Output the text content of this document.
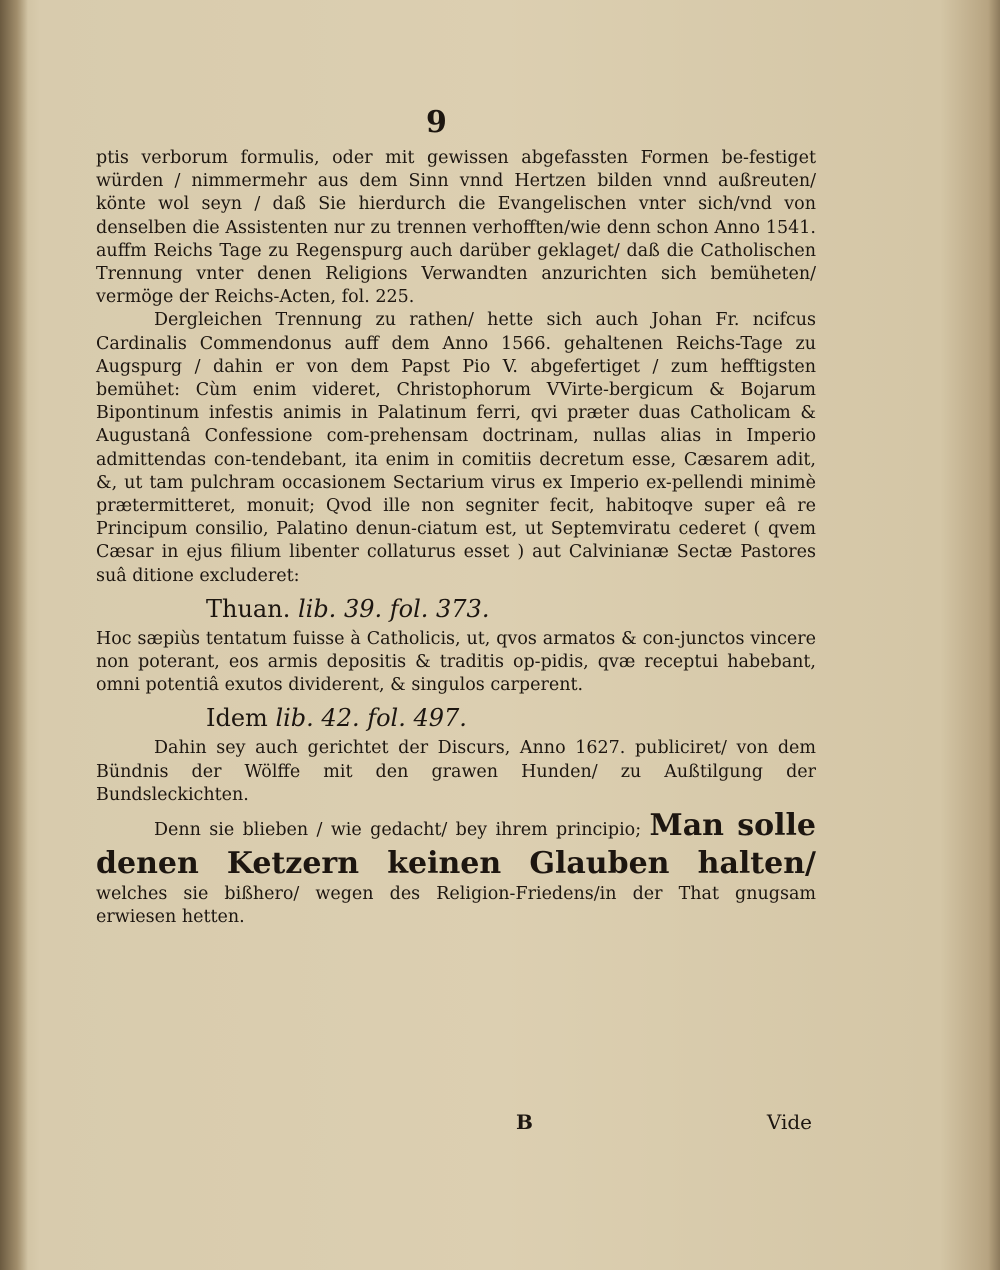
9

ptis verborum formulis, oder mit gewissen abgefassten Formen be-festiget würden / nimmermehr aus dem Sinn vnnd Hertzen bilden vnnd außreuten/ könte wol seyn / daß Sie hierdurch die Evangelischen vnter sich/vnd von denselben die Assistenten nur zu trennen verhofften/wie denn schon Anno 1541. auffm Reichs Tage zu Regenspurg auch darüber geklaget/ daß die Catholischen Trennung vnter denen Religions Verwandten anzurichten sich bemüheten/ vermöge der Reichs-Acten, fol. 225.

Dergleichen Trennung zu rathen/ hette sich auch Johan Fr. ncifcus Cardinalis Commendonus auff dem Anno 1566. gehaltenen Reichs-Tage zu Augspurg / dahin er von dem Papst Pio V. abgefertiget / zum hefftigsten bemühet: Cùm enim videret, Christophorum VVirte-bergicum & Bojarum Bipontinum infestis animis in Palatinum ferri, qvi præter duas Catholicam & Augustanâ Confessione com-prehensam doctrinam, nullas alias in Imperio admittendas con-tendebant, ita enim in comitiis decretum esse, Cæsarem adit, &, ut tam pulchram occasionem Sectarium virus ex Imperio ex-pellendi minimè prætermitteret, monuit; Qvod ille non segniter fecit, habitoqve super eâ re Principum consilio, Palatino denun-ciatum est, ut Septemviratu cederet ( qvem Cæsar in ejus filium libenter collaturus esset ) aut Calvinianæ Sectæ Pastores suâ ditione excluderet:

Thuan. lib. 39. fol. 373.

Hoc sæpiùs tentatum fuisse à Catholicis, ut, qvos armatos & con-junctos vincere non poterant, eos armis depositis & traditis op-pidis, qvæ receptui habebant, omni potentiâ exutos dividerent, & singulos carperent.

Idem lib. 42. fol. 497.

Dahin sey auch gerichtet der Discurs, Anno 1627. publiciret/ von dem Bündnis der Wölffe mit den grawen Hunden/ zu Außtilgung der Bundsleckichten.

Denn sie blieben / wie gedacht/ bey ihrem principio; Man solle denen Ketzern keinen Glauben halten/ welches sie bißhero/ wegen des Religion-Friedens/in der That gnugsam erwiesen hetten.

B	Vide
